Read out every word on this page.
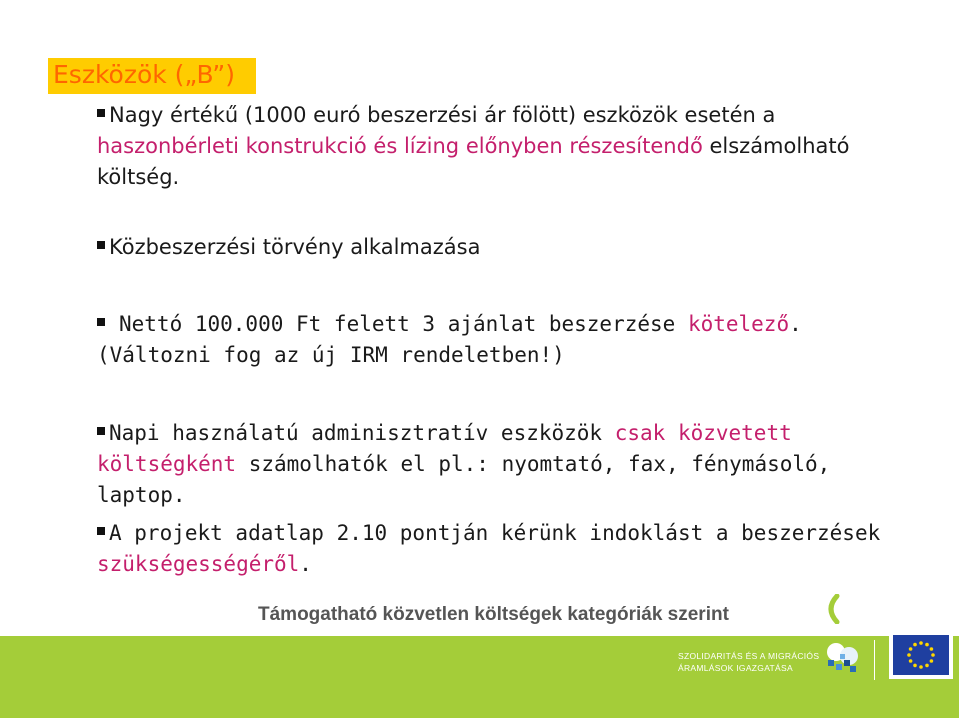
Eszközök („B”)
Nagy értékű (1000 euró beszerzési ár fölött) eszközök esetén a haszonbérleti konstrukció és lízing előnyben részesítendő elszámolható költség.
Közbeszerzési törvény alkalmazása
Nettó 100.000 Ft felett 3 ajánlat beszerzése kötelező. (Változni fog az új IRM rendeletben!)
Napi használatú adminisztratív eszközök csak közvetett költségként számolhatók el pl.: nyomtató, fax, fénymásoló, laptop.
A projekt adatlap 2.10 pontján kérünk indoklást a beszerzések szükségességéről.
Támogatható közvetlen költségek kategóriák szerint
SZOLIDARITÁS ÉS A MIGRÁCIÓS
ÁRAMLÁSOK IGAZGATÁSA
